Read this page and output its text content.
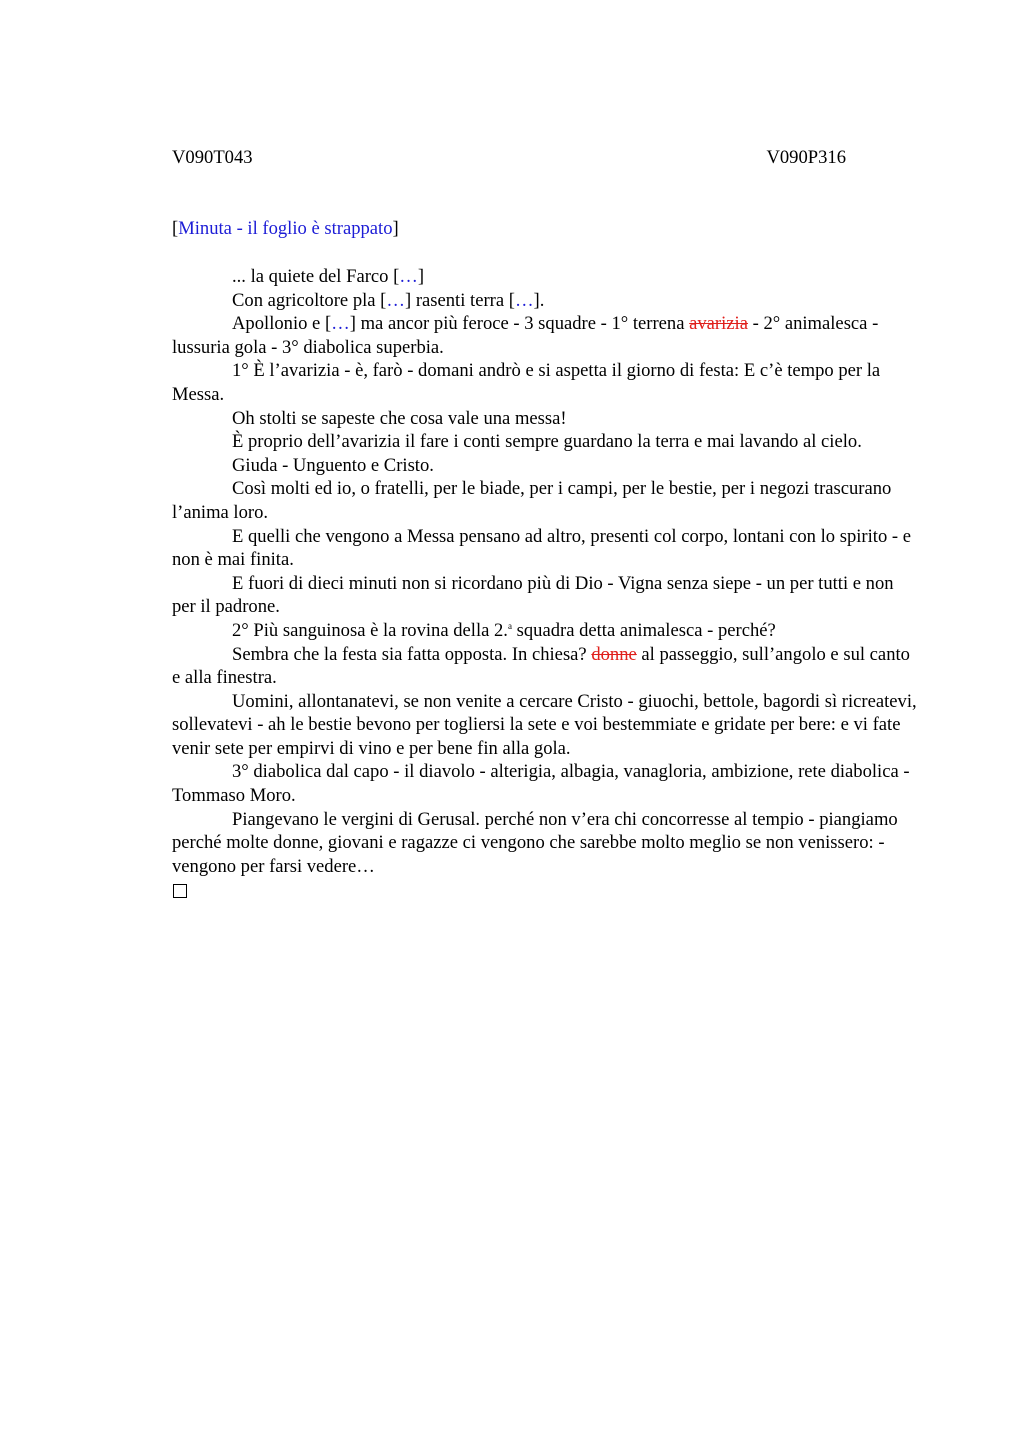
V090T043	V090P316
[Minuta - il foglio è strappato]

... la quiete del Farco […]

Con agricoltore pla […] rasenti terra […].

Apollonio e […] ma ancor più feroce - 3 squadre - 1° terrena avarizia - 2° animalesca - lussuria gola - 3° diabolica superbia.

1° È l’avarizia - è, farò - domani andrò e si aspetta il giorno di festa: E c’è tempo per la Messa.

Oh stolti se sapeste che cosa vale una messa!

È proprio dell’avarizia il fare i conti sempre guardano la terra e mai lavando al cielo.

Giuda - Unguento e Cristo.

Così molti ed io, o fratelli, per le biade, per i campi, per le bestie, per i negozi trascurano l’anima loro.

E quelli che vengono a Messa pensano ad altro, presenti col corpo, lontani con lo spirito - e non è mai finita.

E fuori di dieci minuti non si ricordano più di Dio - Vigna senza siepe - un per tutti e non per il padrone.

2° Più sanguinosa è la rovina della 2.$^a$ squadra detta animalesca - perché?

Sembra che la festa sia fatta opposta. In chiesa? donne al passeggio, sull’angolo e sul canto e alla finestra.

Uomini, allontanatevi, se non venite a cercare Cristo - giuochi, bettole, bagordi sì ricreatevi, sollevatevi - ah le bestie bevono per togliersi la sete e voi bestemmiate e gridate per bere: e vi fate venir sete per empirvi di vino e per bene fin alla gola.

3° diabolica dal capo - il diavolo - alterigia, albagia, vanagloria, ambizione, rete diabolica - Tommaso Moro.

Piangevano le vergini di Gerusal. perché non v’era chi concorresse al tempio - piangiamo perché molte donne, giovani e ragazze ci vengono che sarebbe molto meglio se non venissero: - vengono per farsi vedere…
